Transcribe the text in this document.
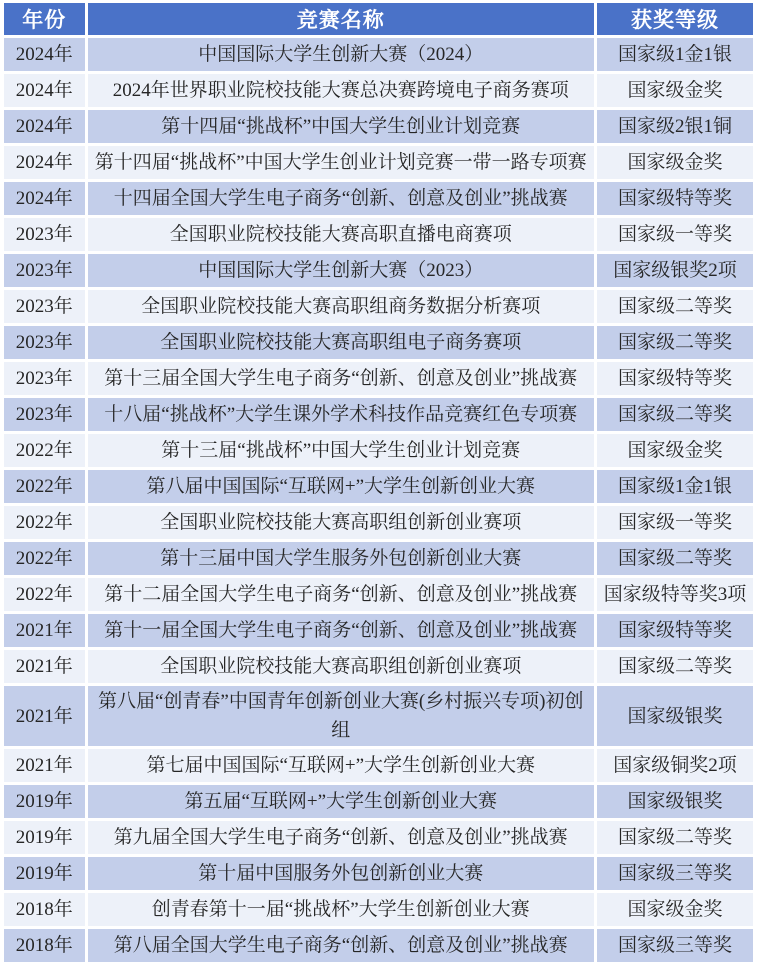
年份	竞赛名称	获奖等级
2024年	中国国际大学生创新大赛（2024）	国家级1金1银
2024年	2024年世界职业院校技能大赛总决赛跨境电子商务赛项	国家级金奖
2024年	第十四届“挑战杯”中国大学生创业计划竞赛	国家级2银1铜
2024年	第十四届“挑战杯”中国大学生创业计划竞赛一带一路专项赛	国家级金奖
2024年	十四届全国大学生电子商务“创新、创意及创业”挑战赛	国家级特等奖
2023年	全国职业院校技能大赛高职直播电商赛项	国家级一等奖
2023年	中国国际大学生创新大赛（2023）	国家级银奖2项
2023年	全国职业院校技能大赛高职组商务数据分析赛项	国家级二等奖
2023年	全国职业院校技能大赛高职组电子商务赛项	国家级二等奖
2023年	第十三届全国大学生电子商务“创新、创意及创业”挑战赛	国家级特等奖
2023年	十八届“挑战杯”大学生课外学术科技作品竞赛红色专项赛	国家级二等奖
2022年	第十三届“挑战杯”中国大学生创业计划竞赛	国家级金奖
2022年	第八届中国国际“互联网+”大学生创新创业大赛	国家级1金1银
2022年	全国职业院校技能大赛高职组创新创业赛项	国家级一等奖
2022年	第十三届中国大学生服务外包创新创业大赛	国家级二等奖
2022年	第十二届全国大学生电子商务“创新、创意及创业”挑战赛	国家级特等奖3项
2021年	第十一届全国大学生电子商务“创新、创意及创业”挑战赛	国家级特等奖
2021年	全国职业院校技能大赛高职组创新创业赛项	国家级二等奖
2021年	第八届“创青春”中国青年创新创业大赛(乡村振兴专项)初创组	国家级银奖
2021年	第七届中国国际“互联网+”大学生创新创业大赛	国家级铜奖2项
2019年	第五届“互联网+”大学生创新创业大赛	国家级银奖
2019年	第九届全国大学生电子商务“创新、创意及创业”挑战赛	国家级二等奖
2019年	第十届中国服务外包创新创业大赛	国家级三等奖
2018年	创青春第十一届“挑战杯”大学生创新创业大赛	国家级金奖
2018年	第八届全国大学生电子商务“创新、创意及创业”挑战赛	国家级三等奖
